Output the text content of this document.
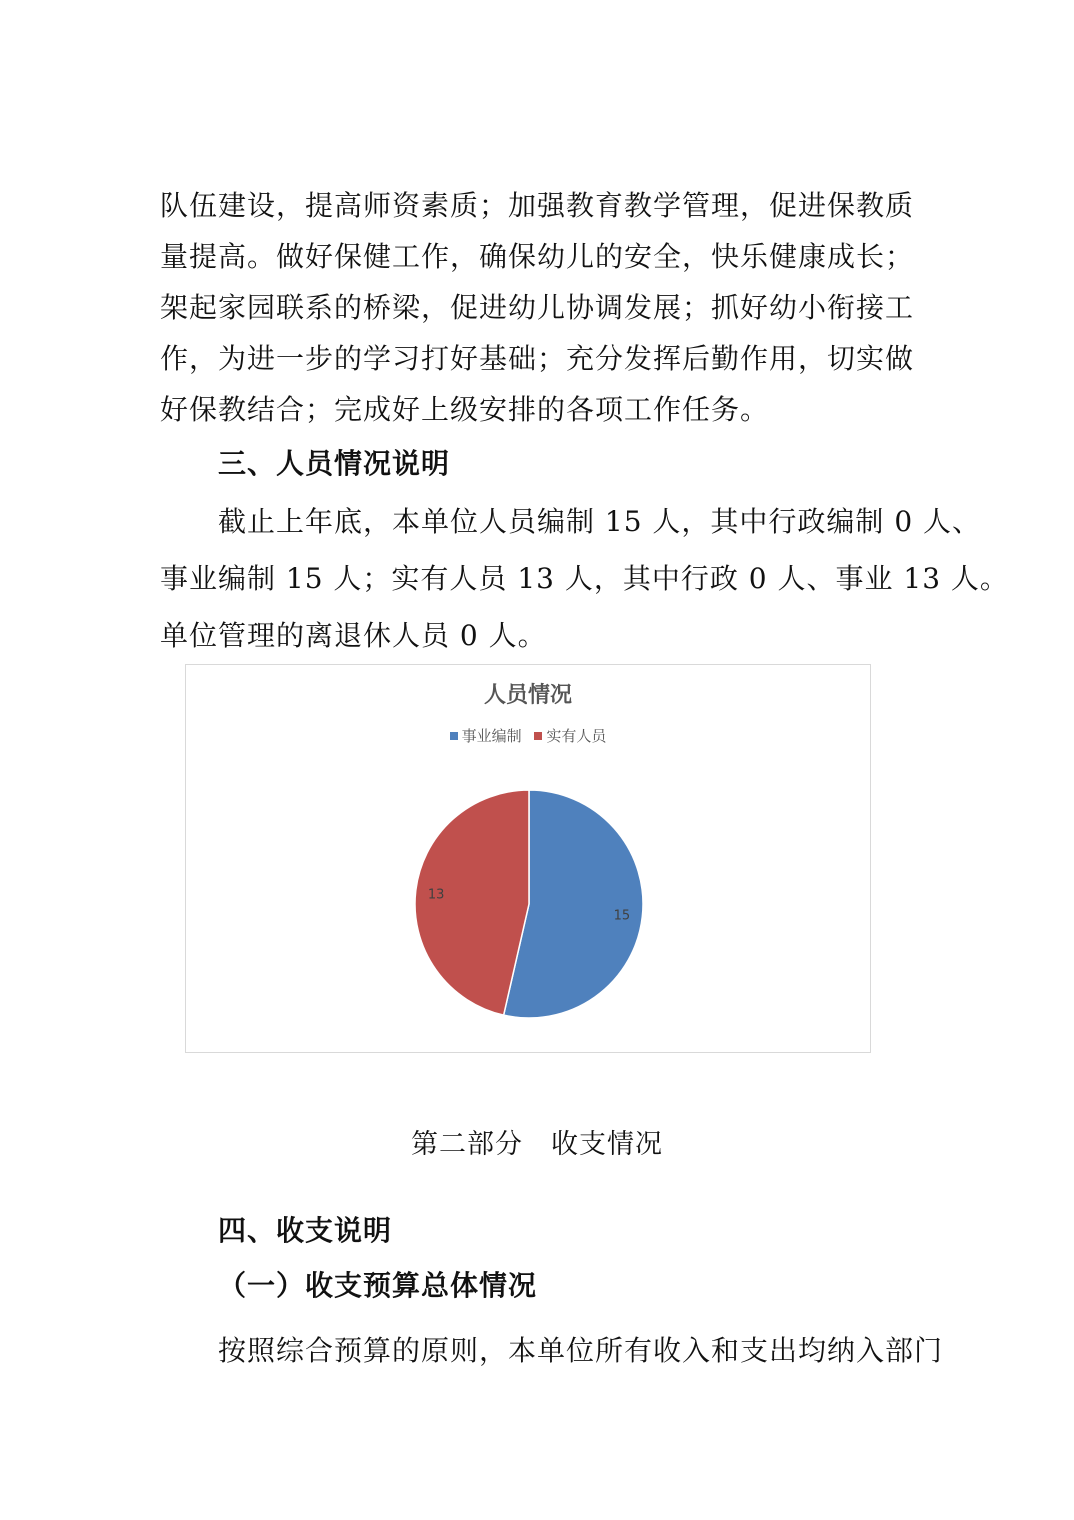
队伍建设，提高师资素质；加强教育教学管理，促进保教质量提高。做好保健工作，确保幼儿的安全，快乐健康成长；架起家园联系的桥梁，促进幼儿协调发展；抓好幼小衔接工作，为进一步的学习打好基础；充分发挥后勤作用，切实做好保教结合；完成好上级安排的各项工作任务。
三、人员情况说明
截止上年底，本单位人员编制 15 人，其中行政编制 0 人、
事业编制 15 人；实有人员 13 人，其中行政 0 人、事业 13 人。
单位管理的离退休人员 0 人。
人员情况
事业编制
实有人员
15
13
第二部分　收支情况
四、收支说明
（一）收支预算总体情况
按照综合预算的原则，本单位所有收入和支出均纳入部门
